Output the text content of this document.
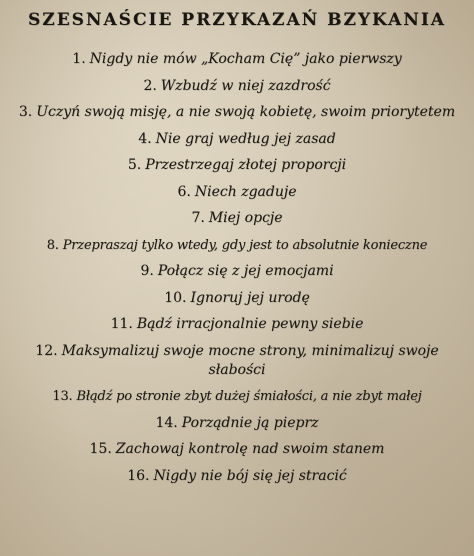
SZESNAŚCIE PRZYKAZAŃ BZYKANIA
1. Nigdy nie mów „Kocham Cię” jako pierwszy
2. Wzbudź w niej zazdrość
3. Uczyń swoją misję, a nie swoją kobietę, swoim priorytetem
4. Nie graj według jej zasad
5. Przestrzegaj złotej proporcji
6. Niech zgaduje
7. Miej opcje
8. Przepraszaj tylko wtedy, gdy jest to absolutnie konieczne
9. Połącz się z jej emocjami
10. Ignoruj jej urodę
11. Bądź irracjonalnie pewny siebie
12. Maksymalizuj swoje mocne strony, minimalizuj swoje słabości
13. Błądź po stronie zbyt dużej śmiałości, a nie zbyt małej
14. Porządnie ją pieprz
15. Zachowaj kontrolę nad swoim stanem
16. Nigdy nie bój się jej stracić
